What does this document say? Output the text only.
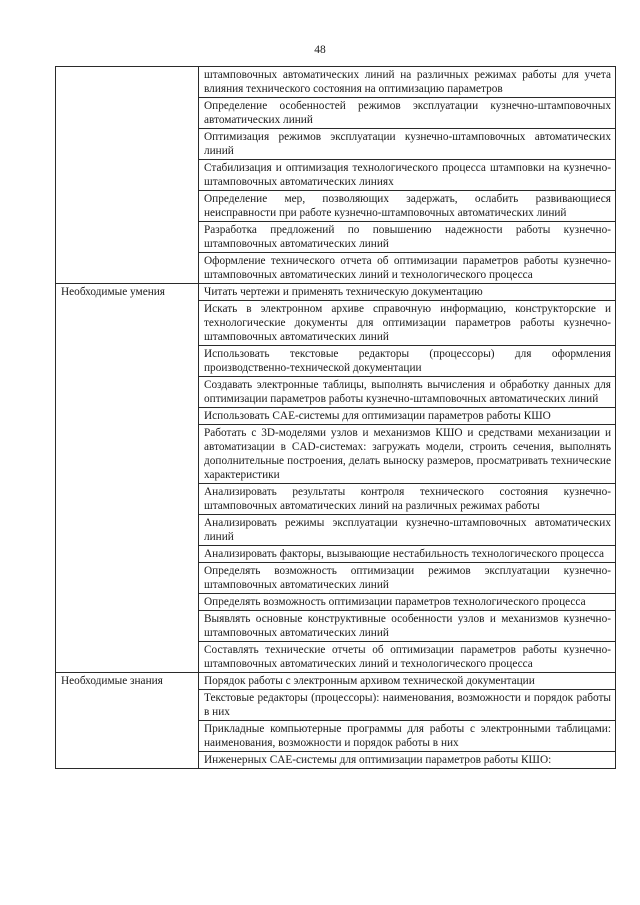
48
штамповочных автоматических линий на различных режимах работы для учета влияния технического состояния на оптимизацию параметров
Определение особенностей режимов эксплуатации кузнечно-штамповочных автоматических линий
Оптимизация режимов эксплуатации кузнечно-штамповочных автоматических линий
Стабилизация и оптимизация технологического процесса штамповки на кузнечно-штамповочных автоматических линиях
Определение мер, позволяющих задержать, ослабить развивающиеся неисправности при работе кузнечно-штамповочных автоматических линий
Разработка предложений по повышению надежности работы кузнечно-штамповочных автоматических линий
Оформление технического отчета об оптимизации параметров работы кузнечно-штамповочных автоматических линий и технологического процесса
Необходимые умения	Читать чертежи и применять техническую документацию
Искать в электронном архиве справочную информацию, конструкторские и технологические документы для оптимизации параметров работы кузнечно-штамповочных автоматических линий
Использовать текстовые редакторы (процессоры) для оформления производственно-технической документации
Создавать электронные таблицы, выполнять вычисления и обработку данных для оптимизации параметров работы кузнечно-штамповочных автоматических линий
Использовать CAE-системы для оптимизации параметров работы КШО
Работать с 3D-моделями узлов и механизмов КШО и средствами механизации и автоматизации в CAD-системах: загружать модели, строить сечения, выполнять дополнительные построения, делать выноску размеров, просматривать технические характеристики
Анализировать результаты контроля технического состояния кузнечно-штамповочных автоматических линий на различных режимах работы
Анализировать режимы эксплуатации кузнечно-штамповочных автоматических линий
Анализировать факторы, вызывающие нестабильность технологического процесса
Определять возможность оптимизации режимов эксплуатации кузнечно-штамповочных автоматических линий
Определять возможность оптимизации параметров технологического процесса
Выявлять основные конструктивные особенности узлов и механизмов кузнечно-штамповочных автоматических линий
Составлять технические отчеты об оптимизации параметров работы кузнечно-штамповочных автоматических линий и технологического процесса
Необходимые знания	Порядок работы с электронным архивом технической документации
Текстовые редакторы (процессоры): наименования, возможности и порядок работы в них
Прикладные компьютерные программы для работы с электронными таблицами: наименования, возможности и порядок работы в них
Инженерных CAE-системы для оптимизации параметров работы КШО:
